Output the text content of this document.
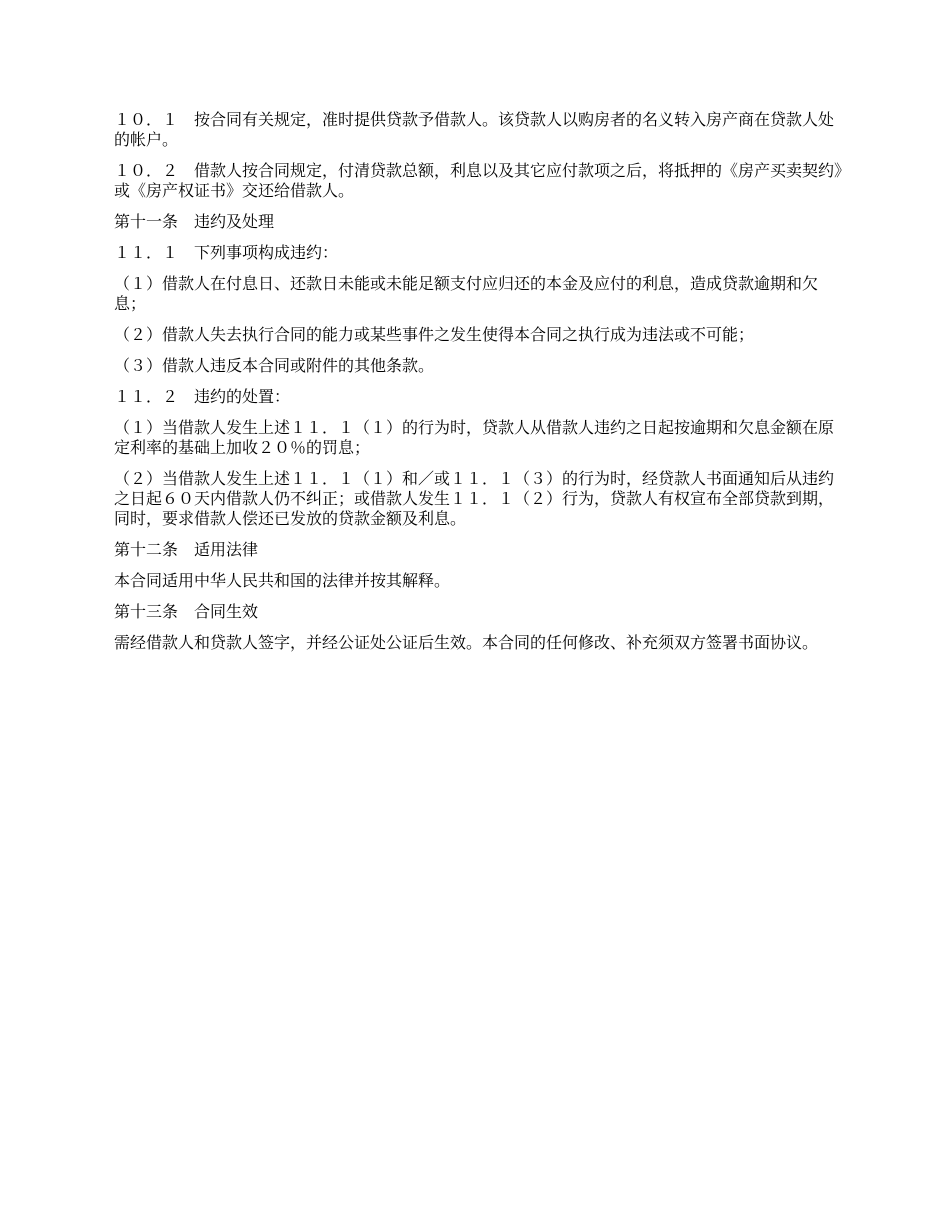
１０．１　按合同有关规定，准时提供贷款予借款人。该贷款人以购房者的名义转入房产商在贷款人处的帐户。

１０．２　借款人按合同规定，付清贷款总额，利息以及其它应付款项之后，将抵押的《房产买卖契约》或《房产权证书》交还给借款人。

第十一条　违约及处理

１１．１　下列事项构成违约：

（１）借款人在付息日、还款日未能或未能足额支付应归还的本金及应付的利息，造成贷款逾期和欠息；

（２）借款人失去执行合同的能力或某些事件之发生使得本合同之执行成为违法或不可能；

（３）借款人违反本合同或附件的其他条款。

１１．２　违约的处置：

（１）当借款人发生上述１１．１（１）的行为时，贷款人从借款人违约之日起按逾期和欠息金额在原定利率的基础上加收２０％的罚息；

（２）当借款人发生上述１１．１（１）和／或１１．１（３）的行为时，经贷款人书面通知后从违约之日起６０天内借款人仍不纠正；或借款人发生１１．１（２）行为，贷款人有权宣布全部贷款到期，同时，要求借款人偿还已发放的贷款金额及利息。

第十二条　适用法律

本合同适用中华人民共和国的法律并按其解释。

第十三条　合同生效

需经借款人和贷款人签字，并经公证处公证后生效。本合同的任何修改、补充须双方签署书面协议。
